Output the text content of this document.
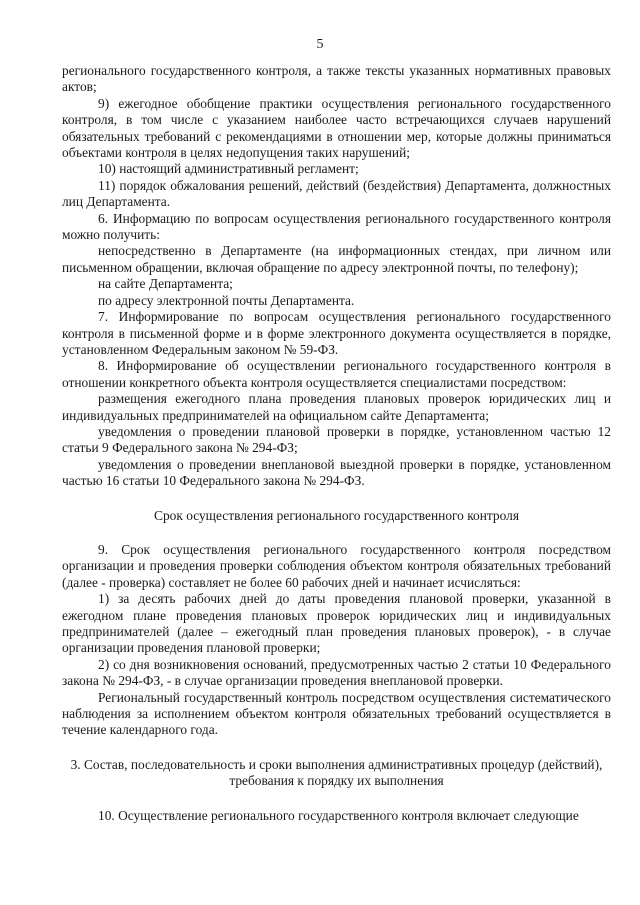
5

регионального государственного контроля, а также тексты указанных нормативных правовых актов;

9) ежегодное обобщение практики осуществления регионального государственного контроля, в том числе с указанием наиболее часто встречающихся случаев нарушений обязательных требований с рекомендациями в отношении мер, которые должны приниматься объектами контроля в целях недопущения таких нарушений;

10) настоящий административный регламент;

11) порядок обжалования решений, действий (бездействия) Департамента, должностных лиц Департамента.

6. Информацию по вопросам осуществления регионального государственного контроля можно получить:

непосредственно в Департаменте (на информационных стендах, при личном или письменном обращении, включая обращение по адресу электронной почты, по телефону);

на сайте Департамента;

по адресу электронной почты Департамента.

7. Информирование по вопросам осуществления регионального государственного контроля в письменной форме и в форме электронного документа осуществляется в порядке, установленном Федеральным законом № 59-ФЗ.

8. Информирование об осуществлении регионального государственного контроля в отношении конкретного объекта контроля осуществляется специалистами посредством:

размещения ежегодного плана проведения плановых проверок юридических лиц и индивидуальных предпринимателей на официальном сайте Департамента;

уведомления о проведении плановой проверки в порядке, установленном частью 12 статьи 9 Федерального закона № 294-ФЗ;

уведомления о проведении внеплановой выездной проверки в порядке, установленном частью 16 статьи 10 Федерального закона № 294-ФЗ.

Срок осуществления регионального государственного контроля

9. Срок осуществления регионального государственного контроля посредством организации и проведения проверки соблюдения объектом контроля обязательных требований (далее - проверка) составляет не более 60 рабочих дней и начинает исчисляться:

1) за десять рабочих дней до даты проведения плановой проверки, указанной в ежегодном плане проведения плановых проверок юридических лиц и индивидуальных предпринимателей (далее – ежегодный план проведения плановых проверок), - в случае организации проведения плановой проверки;

2) со дня возникновения оснований, предусмотренных частью 2 статьи 10 Федерального закона № 294-ФЗ, - в случае организации проведения внеплановой проверки.

Региональный государственный контроль посредством осуществления систематического наблюдения за исполнением объектом контроля обязательных требований осуществляется в течение календарного года.

3. Состав, последовательность и сроки выполнения административных процедур (действий), требования к порядку их выполнения

10. Осуществление регионального государственного контроля включает следующие
